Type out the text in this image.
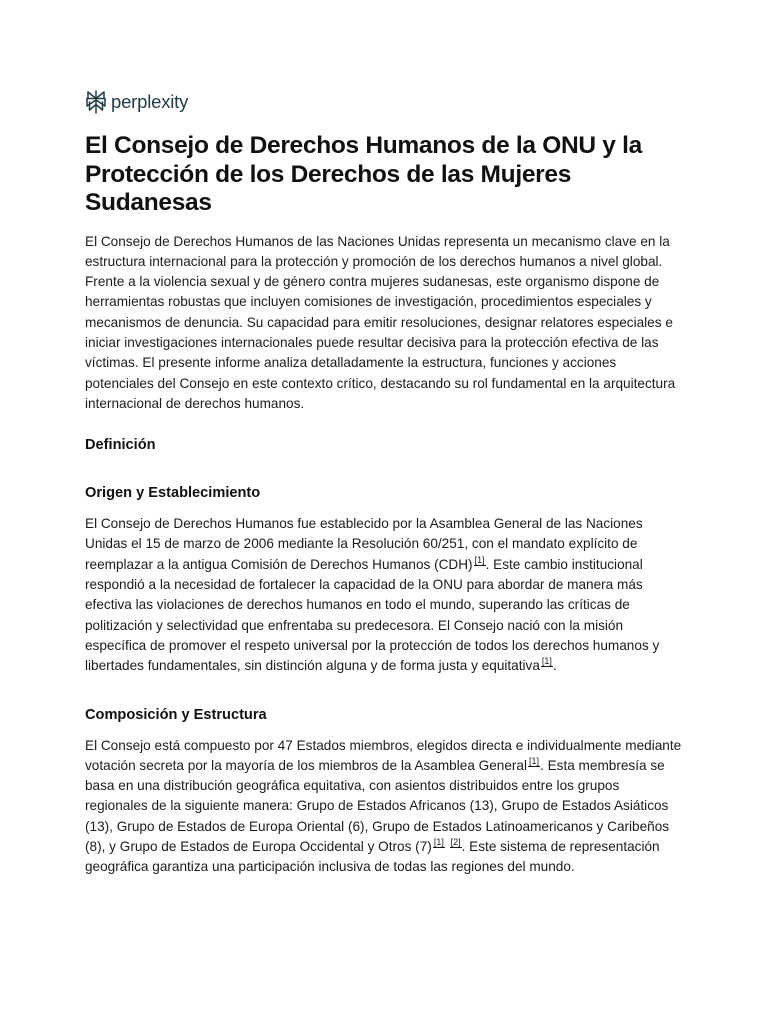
perplexity
El Consejo de Derechos Humanos de la ONU y la Protección de los Derechos de las Mujeres Sudanesas

El Consejo de Derechos Humanos de las Naciones Unidas representa un mecanismo clave en la estructura internacional para la protección y promoción de los derechos humanos a nivel global. Frente a la violencia sexual y de género contra mujeres sudanesas, este organismo dispone de herramientas robustas que incluyen comisiones de investigación, procedimientos especiales y mecanismos de denuncia. Su capacidad para emitir resoluciones, designar relatores especiales e iniciar investigaciones internacionales puede resultar decisiva para la protección efectiva de las víctimas. El presente informe analiza detalladamente la estructura, funciones y acciones potenciales del Consejo en este contexto crítico, destacando su rol fundamental en la arquitectura internacional de derechos humanos.

Definición
Origen y Establecimiento

El Consejo de Derechos Humanos fue establecido por la Asamblea General de las Naciones Unidas el 15 de marzo de 2006 mediante la Resolución 60/251, con el mandato explícito de reemplazar a la antigua Comisión de Derechos Humanos (CDH) [1]. Este cambio institucional respondió a la necesidad de fortalecer la capacidad de la ONU para abordar de manera más efectiva las violaciones de derechos humanos en todo el mundo, superando las críticas de politización y selectividad que enfrentaba su predecesora. El Consejo nació con la misión específica de promover el respeto universal por la protección de todos los derechos humanos y libertades fundamentales, sin distinción alguna y de forma justa y equitativa [1].

Composición y Estructura

El Consejo está compuesto por 47 Estados miembros, elegidos directa e individualmente mediante votación secreta por la mayoría de los miembros de la Asamblea General [1]. Esta membresía se basa en una distribución geográfica equitativa, con asientos distribuidos entre los grupos regionales de la siguiente manera: Grupo de Estados Africanos (13), Grupo de Estados Asiáticos (13), Grupo de Estados de Europa Oriental (6), Grupo de Estados Latinoamericanos y Caribeños (8), y Grupo de Estados de Europa Occidental y Otros (7) [1] [2]. Este sistema de representación geográfica garantiza una participación inclusiva de todas las regiones del mundo.
